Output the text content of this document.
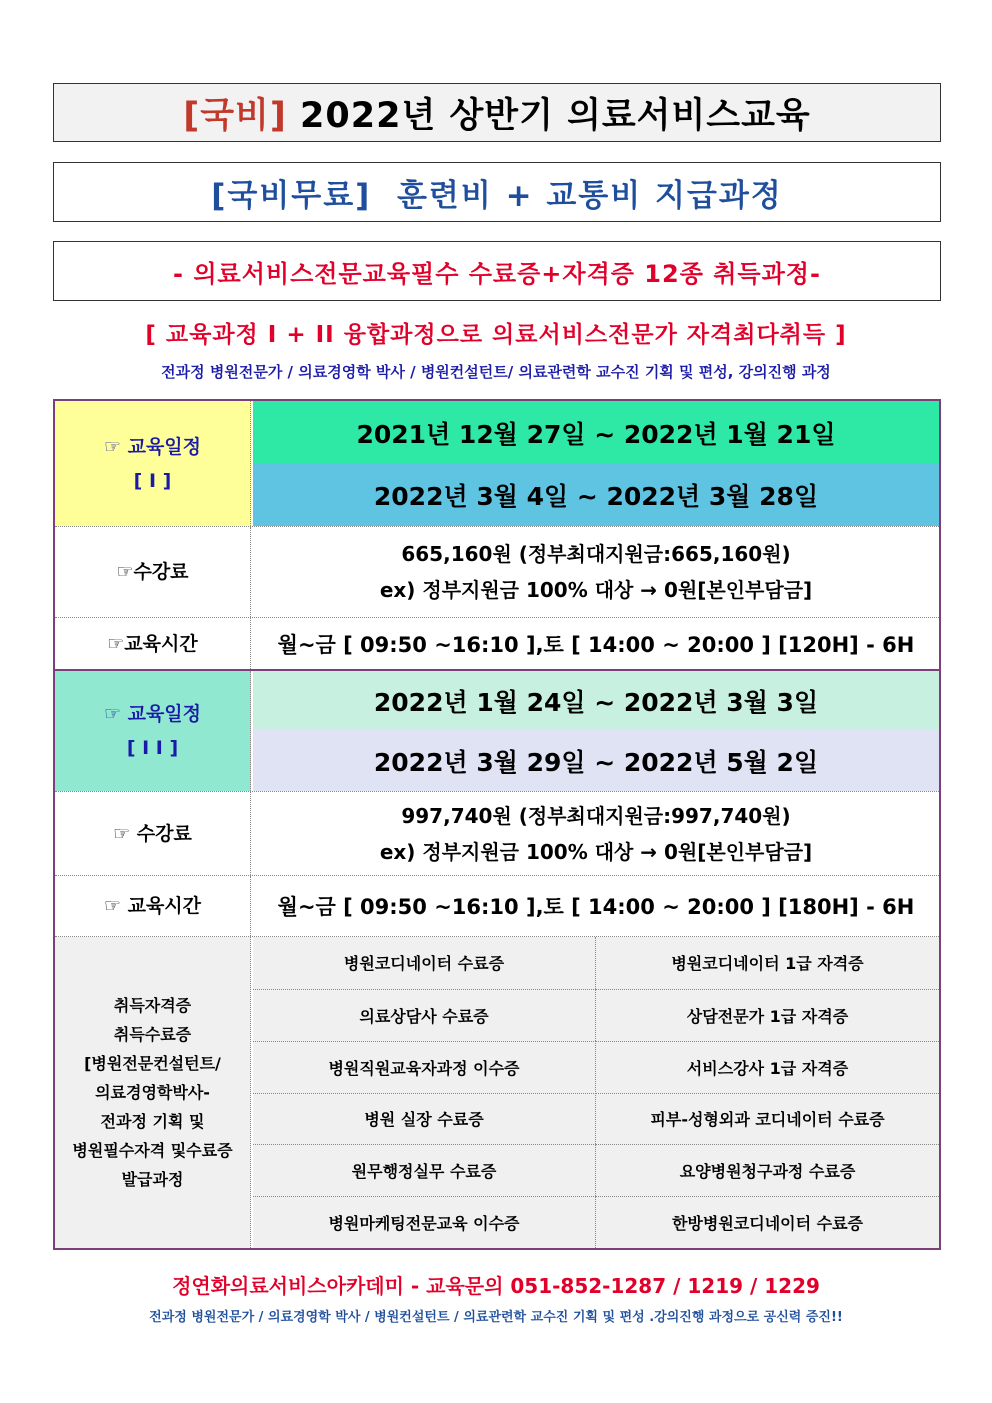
[국비] 2022년 상반기 의료서비스교육
[국비무료]  훈련비 + 교통비 지급과정
- 의료서비스전문교육필수 수료증+자격증 12종 취득과정-
[ 교육과정 I + II 융합과정으로 의료서비스전문가 자격최다취득 ]
전과정 병원전문가 / 의료경영학 박사 / 병원컨설턴트/ 의료관련학 교수진 기획 및 편성, 강의진행 과정
☞ 교육일정
[ I ]
2021년 12월 27일 ~ 2022년 1월 21일
2022년 3월 4일 ~ 2022년 3월 28일
☞수강료
665,160원 (정부최대지원금:665,160원)
ex) 정부지원금 100% 대상 → 0원[본인부담금]
☞교육시간	월~금 [ 09:50 ~16:10 ],토 [ 14:00 ~ 20:00 ] [120H] - 6H
☞ 교육일정
[ I I ]
2022년 1월 24일 ~ 2022년 3월 3일
2022년 3월 29일 ~ 2022년 5월 2일
☞ 수강료
997,740원 (정부최대지원금:997,740원)
ex) 정부지원금 100% 대상 → 0원[본인부담금]
☞ 교육시간	월~금 [ 09:50 ~16:10 ],토 [ 14:00 ~ 20:00 ] [180H] - 6H
취득자격증
취득수료증
[병원전문컨설턴트/
의료경영학박사-
전과정 기획 및
병원필수자격 및수료증
발급과정
병원코디네이터 수료증	병원코디네이터 1급 자격증
의료상담사 수료증	상담전문가 1급 자격증
병원직원교육자과정 이수증	서비스강사 1급 자격증
병원 실장 수료증	피부-성형외과 코디네이터 수료증
원무행정실무 수료증	요양병원청구과정 수료증
병원마케팅전문교육 이수증	한방병원코디네이터 수료증
정연화의료서비스아카데미 - 교육문의 051-852-1287 / 1219 / 1229
전과정 병원전문가 / 의료경영학 박사 / 병원컨설턴트 / 의료관련학 교수진 기획 및 편성 .강의진행 과정으로 공신력 증진!!
